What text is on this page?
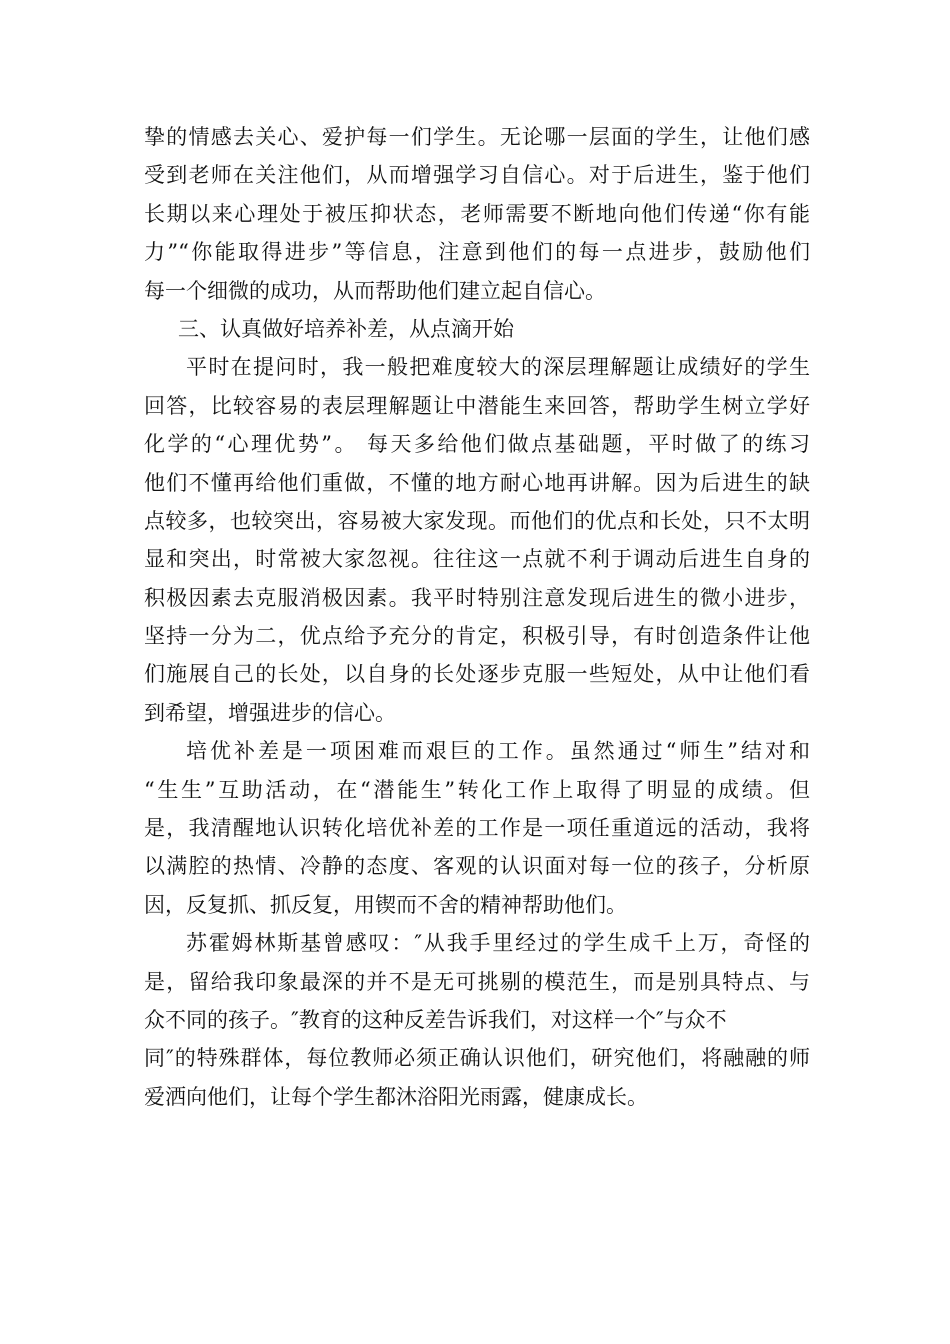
挚的情感去关心、爱护每一们学生。无论哪一层面的学生，让他们感
受到老师在关注他们，从而增强学习自信心。对于后进生，鉴于他们
长期以来心理处于被压抑状态，老师需要不断地向他们传递“你有能
力”“你能取得进步”等信息，注意到他们的每一点进步，鼓励他们
每一个细微的成功，从而帮助他们建立起自信心。
三、认真做好培养补差，从点滴开始
平时在提问时，我一般把难度较大的深层理解题让成绩好的学生
回答，比较容易的表层理解题让中潜能生来回答，帮助学生树立学好
化学的“心理优势”。 每天多给他们做点基础题，平时做了的练习
他们不懂再给他们重做，不懂的地方耐心地再讲解。因为后进生的缺
点较多，也较突出，容易被大家发现。而他们的优点和长处，只不太明
显和突出，时常被大家忽视。往往这一点就不利于调动后进生自身的
积极因素去克服消极因素。我平时特别注意发现后进生的微小进步，
坚持一分为二，优点给予充分的肯定，积极引导，有时创造条件让他
们施展自己的长处，以自身的长处逐步克服一些短处，从中让他们看
到希望，增强进步的信心。
培优补差是一项困难而艰巨的工作。虽然通过“师生”结对和
“生生”互助活动，在“潜能生”转化工作上取得了明显的成绩。但
是，我清醒地认识转化培优补差的工作是一项任重道远的活动，我将
以满腔的热情、冷静的态度、客观的认识面对每一位的孩子，分析原
因，反复抓、抓反复，用锲而不舍的精神帮助他们。
苏霍姆林斯基曾感叹：″从我手里经过的学生成千上万，奇怪的
是，留给我印象最深的并不是无可挑剔的模范生，而是别具特点、与
众不同的孩子。″教育的这种反差告诉我们，对这样一个″与众不
同″的特殊群体，每位教师必须正确认识他们，研究他们，将融融的师
爱洒向他们，让每个学生都沐浴阳光雨露，健康成长。
